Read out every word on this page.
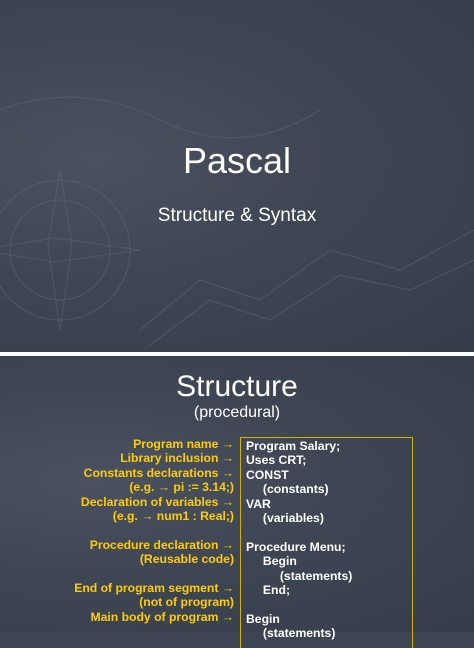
Pascal
Structure & Syntax
Structure
(procedural)
Program name →
Library inclusion →
Constants declarations →
(e.g. → pi := 3.14;)
Declaration of variables →
(e.g. → num1 : Real;)
Procedure declaration →
(Reusable code)
End of program segment →
(not of program)
Main body of program →
Program Salary;
Uses CRT;
CONST
(constants)
VAR
(variables)
Procedure Menu;
Begin
(statements)
End;
Begin
(statements)
